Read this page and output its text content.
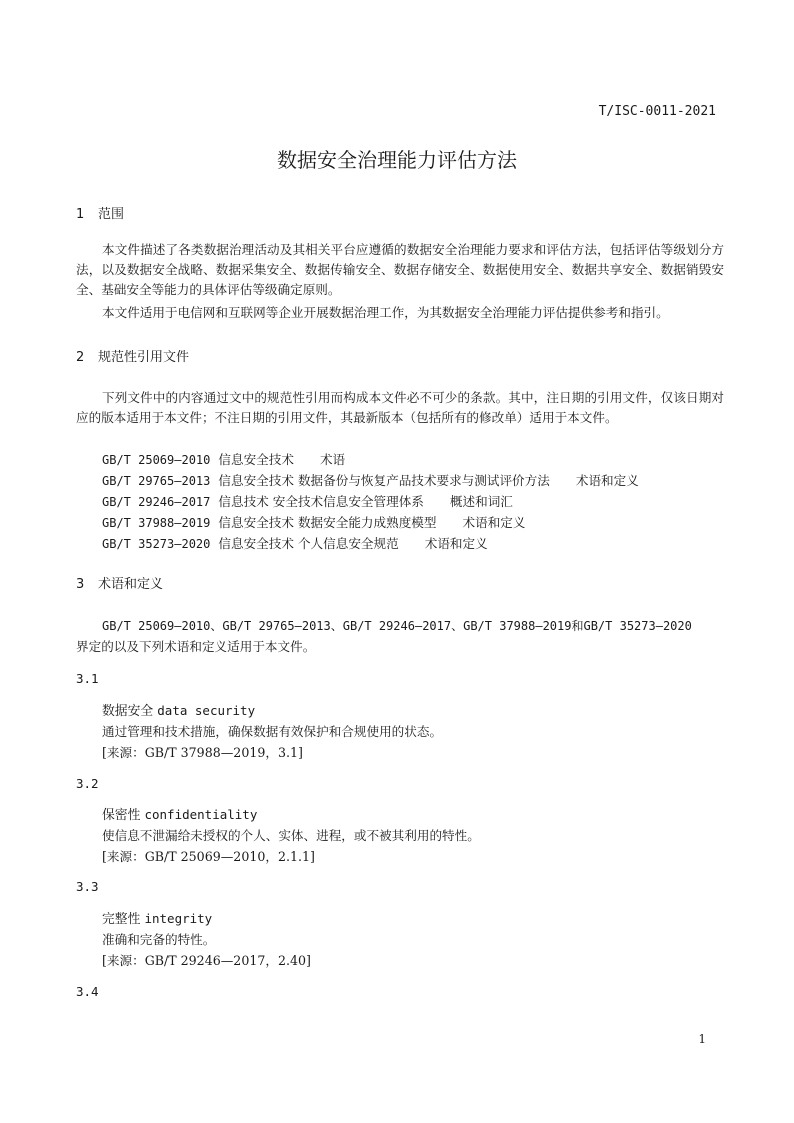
T/ISC-0011-2021
数据安全治理能力评估方法
1 范围
本文件描述了各类数据治理活动及其相关平台应遵循的数据安全治理能力要求和评估方法，包括评估等级划分方法，以及数据安全战略、数据采集安全、数据传输安全、数据存储安全、数据使用安全、数据共享安全、数据销毁安全、基础安全等能力的具体评估等级确定原则。
本文件适用于电信网和互联网等企业开展数据治理工作，为其数据安全治理能力评估提供参考和指引。
2 规范性引用文件
下列文件中的内容通过文中的规范性引用而构成本文件必不可少的条款。其中，注日期的引用文件，仅该日期对应的版本适用于本文件；不注日期的引用文件，其最新版本（包括所有的修改单）适用于本文件。
GB/T 25069—2010 信息安全技术 术语
GB/T 29765—2013 信息安全技术 数据备份与恢复产品技术要求与测试评价方法 术语和定义
GB/T 29246—2017 信息技术 安全技术信息安全管理体系 概述和词汇
GB/T 37988—2019 信息安全技术 数据安全能力成熟度模型 术语和定义
GB/T 35273—2020 信息安全技术 个人信息安全规范 术语和定义
3 术语和定义
GB/T 25069—2010、GB/T 29765—2013、GB/T 29246—2017、GB/T 37988—2019和GB/T 35273—2020
界定的以及下列术语和定义适用于本文件。
3.1
数据安全 data security
通过管理和技术措施，确保数据有效保护和合规使用的状态。
[来源：GB/T 37988—2019，3.1]
3.2
保密性 confidentiality
使信息不泄漏给未授权的个人、实体、进程，或不被其利用的特性。
[来源：GB/T 25069—2010，2.1.1]
3.3
完整性 integrity
准确和完备的特性。
[来源：GB/T 29246—2017，2.40]
3.4
1
